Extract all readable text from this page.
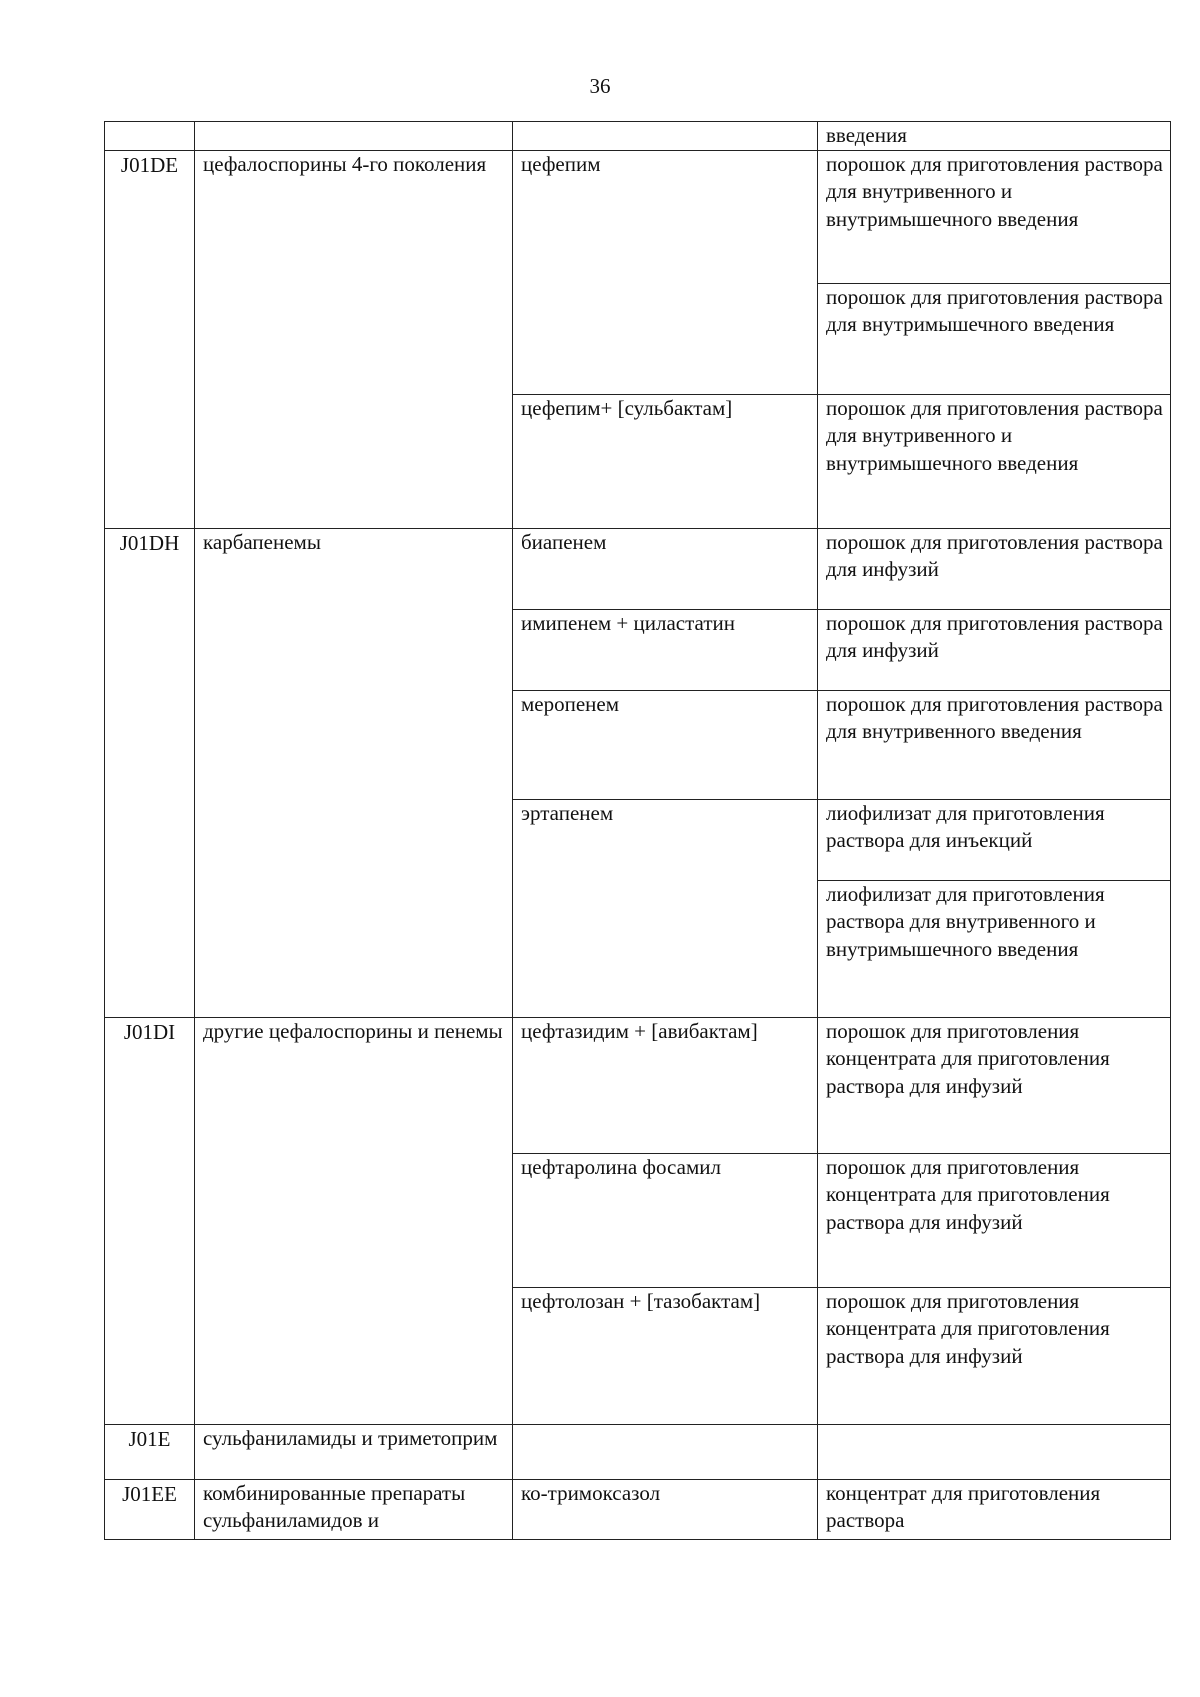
36

			введения

J01DE	цефалоспорины 4-го поколения	цефепим	порошок для приготовления раствора для внутривенного и внутримышечного введения

			порошок для приготовления раствора для внутримышечного введения

		цефепим+ [сульбактам]	порошок для приготовления раствора для внутривенного и внутримышечного введения

J01DH	карбапенемы	биапенем	порошок для приготовления раствора для инфузий

		имипенем + циластатин	порошок для приготовления раствора для инфузий

		меропенем	порошок для приготовления раствора для внутривенного введения

		эртапенем	лиофилизат для приготовления раствора для инъекций

			лиофилизат для приготовления раствора для внутривенного и внутримышечного введения

J01DI	другие цефалоспорины и пенемы	цефтазидим + [авибактам]	порошок для приготовления концентрата для приготовления раствора для инфузий

		цефтаролина фосамил	порошок для приготовления концентрата для приготовления раствора для инфузий

		цефтолозан + [тазобактам]	порошок для приготовления концентрата для приготовления раствора для инфузий

J01E	сульфаниламиды и триметоприм		

J01EE	комбинированные препараты сульфаниламидов и	ко-тримоксазол	концентрат для приготовления раствора
